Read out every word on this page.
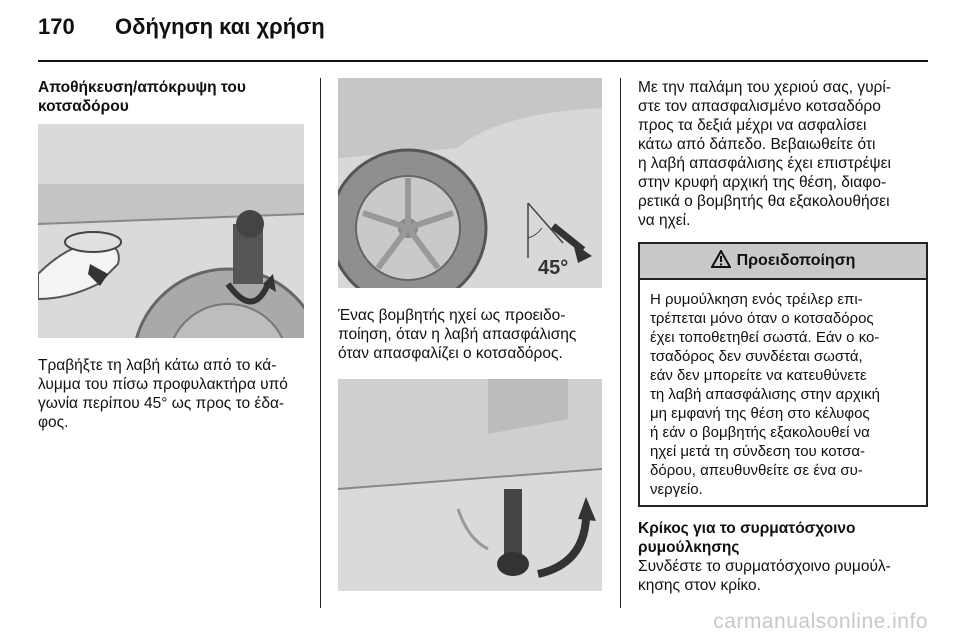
170 Οδήγηση και χρήση

Αποθήκευση/απόκρυψη του

κοτσαδόρου

Τραβήξτε τη λαβή κάτω από το κά-

λυμμα του πίσω προφυλακτήρα υπό

γωνία περίπου 45° ως προς το έδα-

φος.

45°

Ένας βομβητής ηχεί ως προειδο-

ποίηση, όταν η λαβή απασφάλισης

όταν απασφαλίζει ο κοτσαδόρος.

Με την παλάμη του χεριού σας, γυρί-

στε τον απασφαλισμένο κοτσαδόρο

προς τα δεξιά μέχρι να ασφαλίσει

κάτω από δάπεδο. Βεβαιωθείτε ότι

η λαβή απασφάλισης έχει επιστρέψει

στην κρυφή αρχική της θέση, διαφο-

ρετικά ο βομβητής θα εξακολουθήσει

να ηχεί.

Προειδοποίηση
Η ρυμούλκηση ενός τρέιλερ επι-
τρέπεται μόνο όταν ο κοτσαδόρος
έχει τοποθετηθεί σωστά. Εάν ο κο-
τσαδόρος δεν συνδέεται σωστά,
εάν δεν μπορείτε να κατευθύνετε
τη λαβή απασφάλισης στην αρχική
μη εμφανή της θέση στο κέλυφος
ή εάν ο βομβητής εξακολουθεί να
ηχεί μετά τη σύνδεση του κοτσα-
δόρου, απευθυνθείτε σε ένα συ-
νεργείο.

Κρίκος για το συρματόσχοινο

ρυμούλκησης

Συνδέστε το συρματόσχοινο ρυμούλ-

κησης στον κρίκο.

carmanualsonline.info
